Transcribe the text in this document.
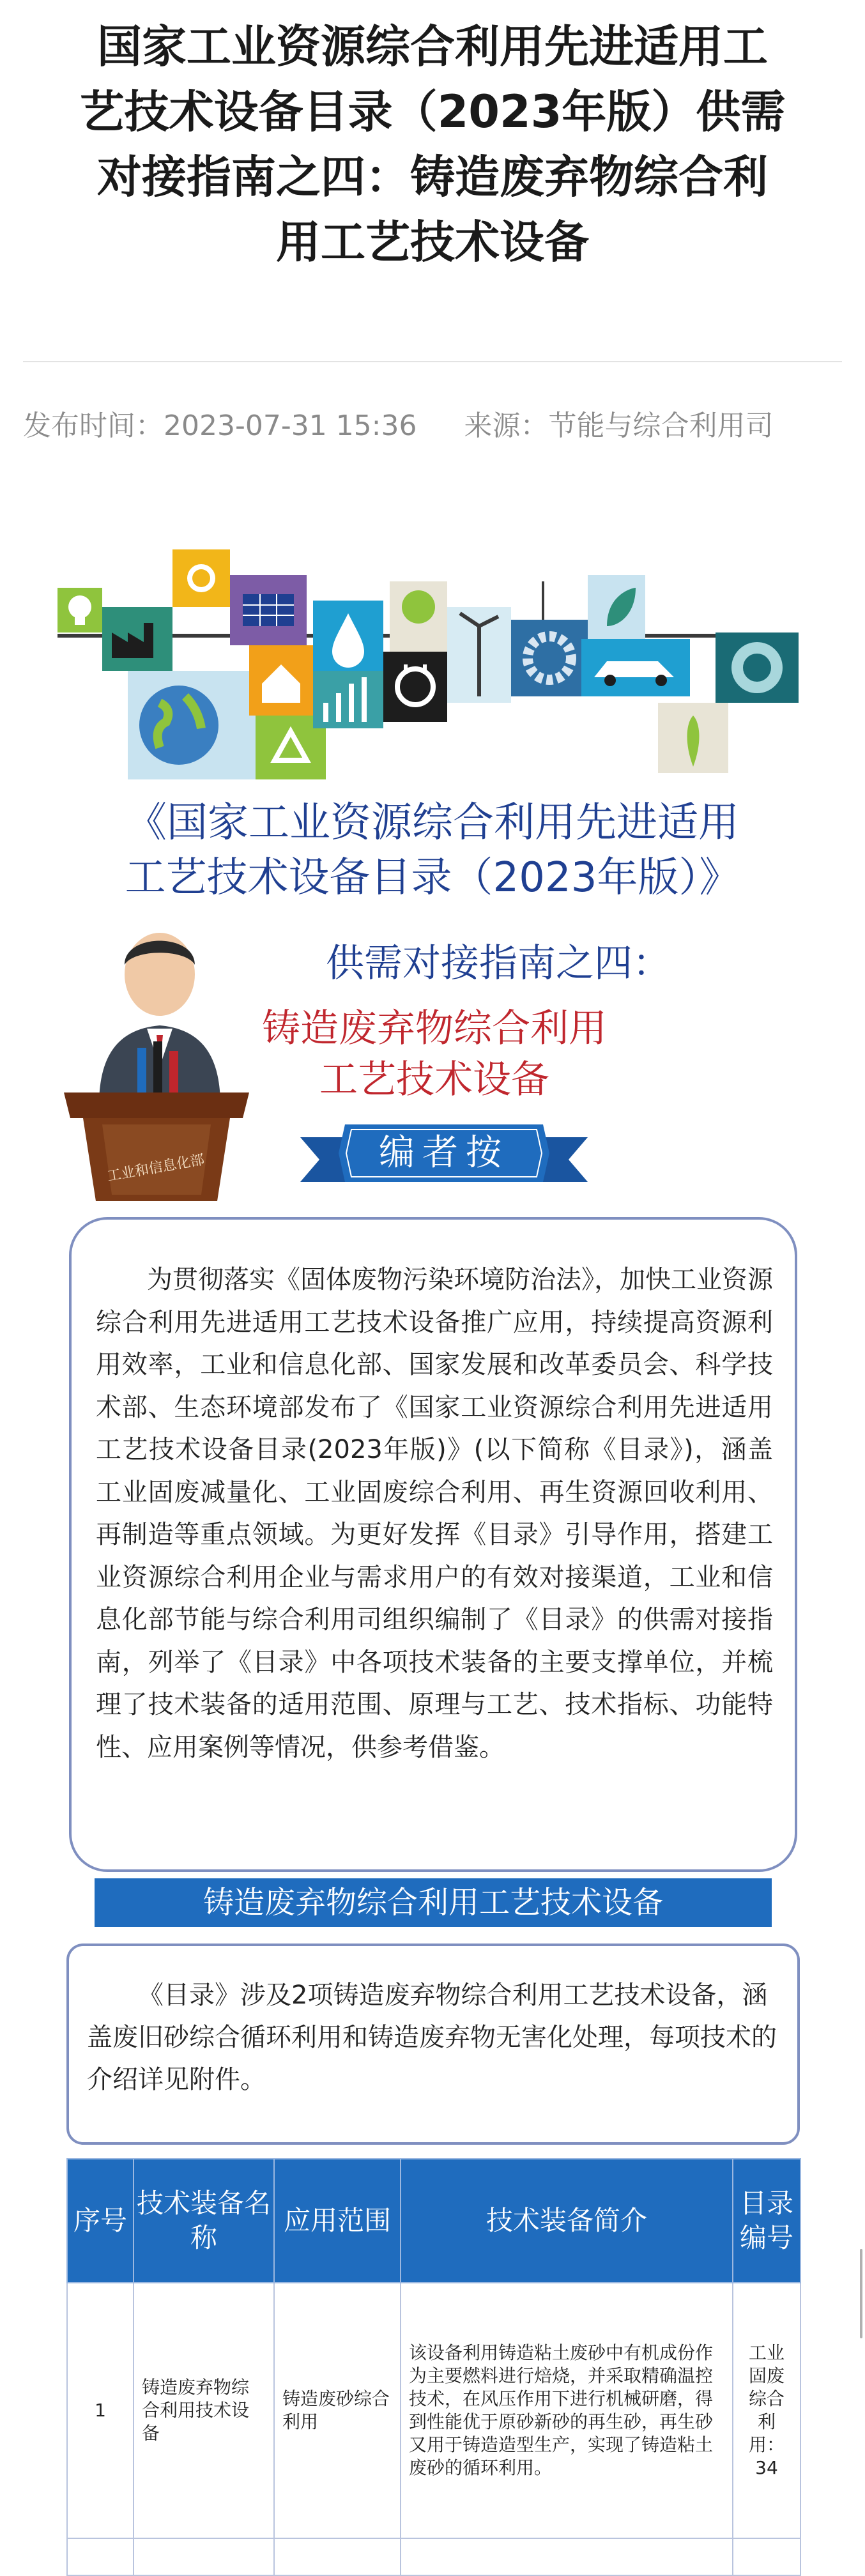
国家工业资源综合利用先进适用工
艺技术设备目录（2023年版）供需
对接指南之四：铸造废弃物综合利
用工艺技术设备
发布时间：2023-07-31 15:36 来源：节能与综合利用司
《国家工业资源综合利用先进适用
工艺技术设备目录（2023年版）》
工业和信息化部
供需对接指南之四：
铸造废弃物综合利用
工艺技术设备
编者按
为贯彻落实《固体废物污染环境防治法》，加快工业资源综合利用先进适用工艺技术设备推广应用，持续提高资源利用效率，工业和信息化部、国家发展和改革委员会、科学技术部、生态环境部发布了《国家工业资源综合利用先进适用工艺技术设备目录(2023年版)》(以下简称《目录》)，涵盖工业固废减量化、工业固废综合利用、再生资源回收利用、再制造等重点领域。为更好发挥《目录》引导作用，搭建工业资源综合利用企业与需求用户的有效对接渠道，工业和信息化部节能与综合利用司组织编制了《目录》的供需对接指南，列举了《目录》中各项技术装备的主要支撑单位，并梳理了技术装备的适用范围、原理与工艺、技术指标、功能特性、应用案例等情况，供参考借鉴。
铸造废弃物综合利用工艺技术设备
《目录》涉及2项铸造废弃物综合利用工艺技术设备，涵盖废旧砂综合循环利用和铸造废弃物无害化处理，每项技术的介绍详见附件。
序号	技术装备名称	应用范围	技术装备简介	目录编号
1	铸造废弃物综合利用技术设备	铸造废砂综合利用	该设备利用铸造粘土废砂中有机成份作为主要燃料进行焙烧，并采取精确温控技术，在风压作用下进行机械研磨，得到性能优于原砂新砂的再生砂，再生砂又用于铸造造型生产，实现了铸造粘土废砂的循环利用。	工业固废综合利用：34
